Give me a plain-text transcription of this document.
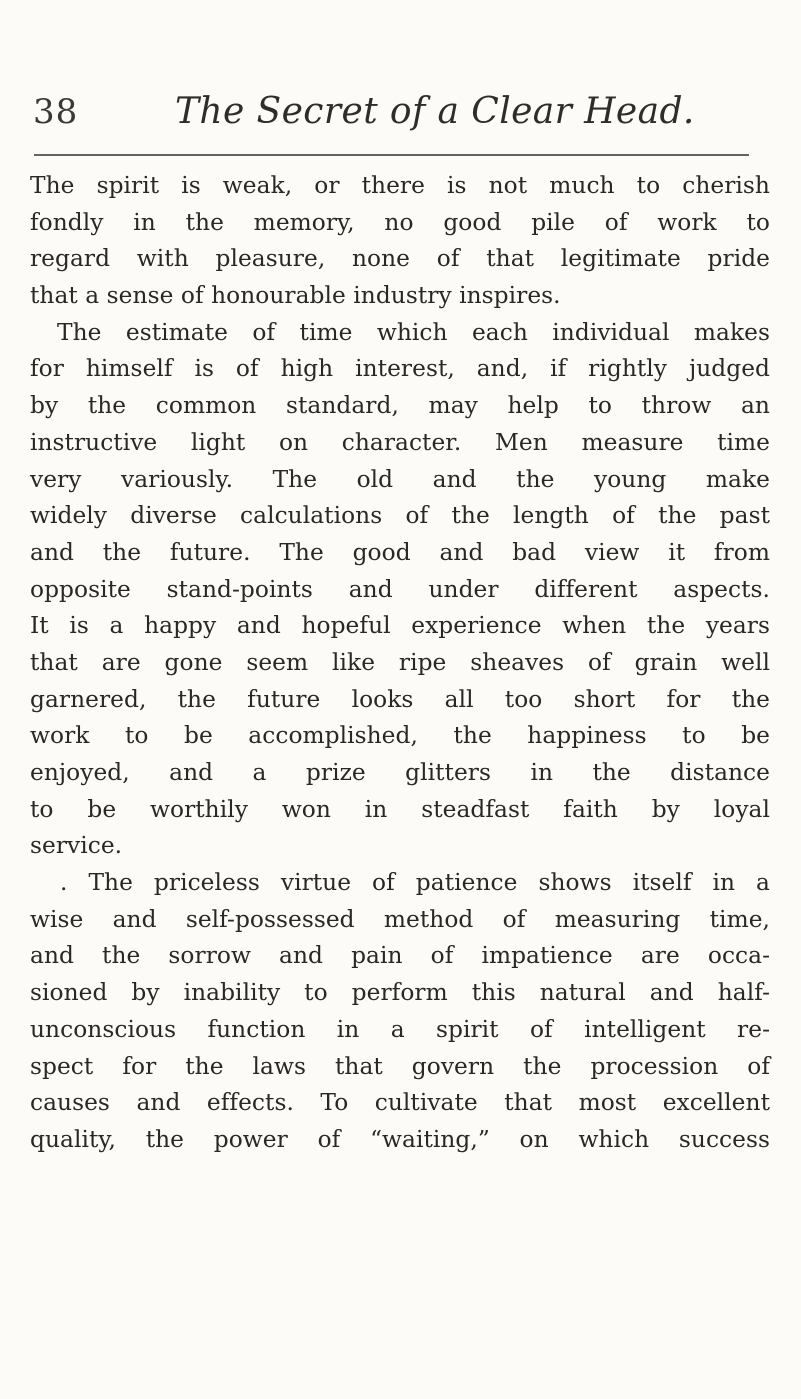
38	The Secret of a Clear Head.
The spirit is weak, or there is not much to cherish
fondly in the memory, no good pile of work to
regard with pleasure, none of that legitimate pride
that a sense of honourable industry inspires.
The estimate of time which each individual makes
for himself is of high interest, and, if rightly judged
by the common standard, may help to throw an
instructive light on character. Men measure time
very variously. The old and the young make
widely diverse calculations of the length of the past
and the future. The good and bad view it from
opposite stand-points and under different aspects.
It is a happy and hopeful experience when the years
that are gone seem like ripe sheaves of grain well
garnered, the future looks all too short for the
work to be accomplished, the happiness to be
enjoyed, and a prize glitters in the distance
to be worthily won in steadfast faith by loyal
service.
. The priceless virtue of patience shows itself in a
wise and self-possessed method of measuring time,
and the sorrow and pain of impatience are occa-
sioned by inability to perform this natural and half-
unconscious function in a spirit of intelligent re-
spect for the laws that govern the procession of
causes and effects. To cultivate that most excellent
quality, the power of “waiting,” on which success
